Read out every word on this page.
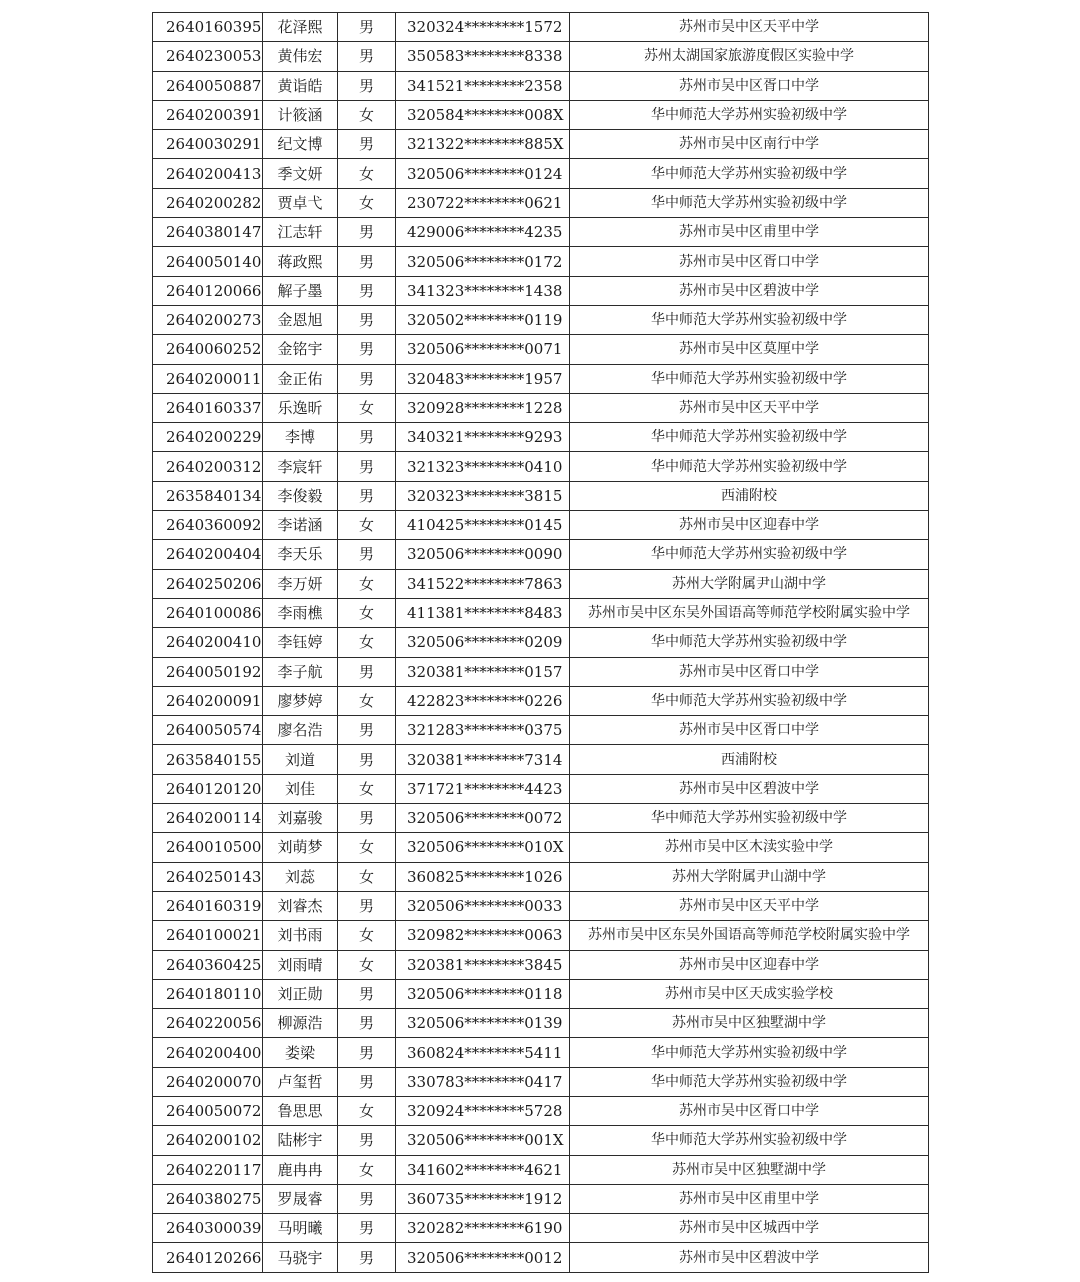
2640160395	花泽熙	男	320324********1572	苏州市吴中区天平中学
2640230053	黄伟宏	男	350583********8338	苏州太湖国家旅游度假区实验中学
2640050887	黄诣皓	男	341521********2358	苏州市吴中区胥口中学
2640200391	计筱涵	女	320584********008X	华中师范大学苏州实验初级中学
2640030291	纪文博	男	321322********885X	苏州市吴中区南行中学
2640200413	季文妍	女	320506********0124	华中师范大学苏州实验初级中学
2640200282	贾卓弋	女	230722********0621	华中师范大学苏州实验初级中学
2640380147	江志轩	男	429006********4235	苏州市吴中区甫里中学
2640050140	蒋政熙	男	320506********0172	苏州市吴中区胥口中学
2640120066	解子墨	男	341323********1438	苏州市吴中区碧波中学
2640200273	金恩旭	男	320502********0119	华中师范大学苏州实验初级中学
2640060252	金铭宇	男	320506********0071	苏州市吴中区莫厘中学
2640200011	金正佑	男	320483********1957	华中师范大学苏州实验初级中学
2640160337	乐逸昕	女	320928********1228	苏州市吴中区天平中学
2640200229	李博	男	340321********9293	华中师范大学苏州实验初级中学
2640200312	李宸轩	男	321323********0410	华中师范大学苏州实验初级中学
2635840134	李俊毅	男	320323********3815	西浦附校
2640360092	李诺涵	女	410425********0145	苏州市吴中区迎春中学
2640200404	李天乐	男	320506********0090	华中师范大学苏州实验初级中学
2640250206	李万妍	女	341522********7863	苏州大学附属尹山湖中学
2640100086	李雨樵	女	411381********8483	苏州市吴中区东吴外国语高等师范学校附属实验中学
2640200410	李钰婷	女	320506********0209	华中师范大学苏州实验初级中学
2640050192	李子航	男	320381********0157	苏州市吴中区胥口中学
2640200091	廖梦婷	女	422823********0226	华中师范大学苏州实验初级中学
2640050574	廖名浩	男	321283********0375	苏州市吴中区胥口中学
2635840155	刘道	男	320381********7314	西浦附校
2640120120	刘佳	女	371721********4423	苏州市吴中区碧波中学
2640200114	刘嘉骏	男	320506********0072	华中师范大学苏州实验初级中学
2640010500	刘萌梦	女	320506********010X	苏州市吴中区木渎实验中学
2640250143	刘蕊	女	360825********1026	苏州大学附属尹山湖中学
2640160319	刘睿杰	男	320506********0033	苏州市吴中区天平中学
2640100021	刘书雨	女	320982********0063	苏州市吴中区东吴外国语高等师范学校附属实验中学
2640360425	刘雨晴	女	320381********3845	苏州市吴中区迎春中学
2640180110	刘正勋	男	320506********0118	苏州市吴中区天成实验学校
2640220056	柳源浩	男	320506********0139	苏州市吴中区独墅湖中学
2640200400	娄梁	男	360824********5411	华中师范大学苏州实验初级中学
2640200070	卢玺哲	男	330783********0417	华中师范大学苏州实验初级中学
2640050072	鲁思思	女	320924********5728	苏州市吴中区胥口中学
2640200102	陆彬宇	男	320506********001X	华中师范大学苏州实验初级中学
2640220117	鹿冉冉	女	341602********4621	苏州市吴中区独墅湖中学
2640380275	罗晟睿	男	360735********1912	苏州市吴中区甫里中学
2640300039	马明曦	男	320282********6190	苏州市吴中区城西中学
2640120266	马骁宇	男	320506********0012	苏州市吴中区碧波中学
